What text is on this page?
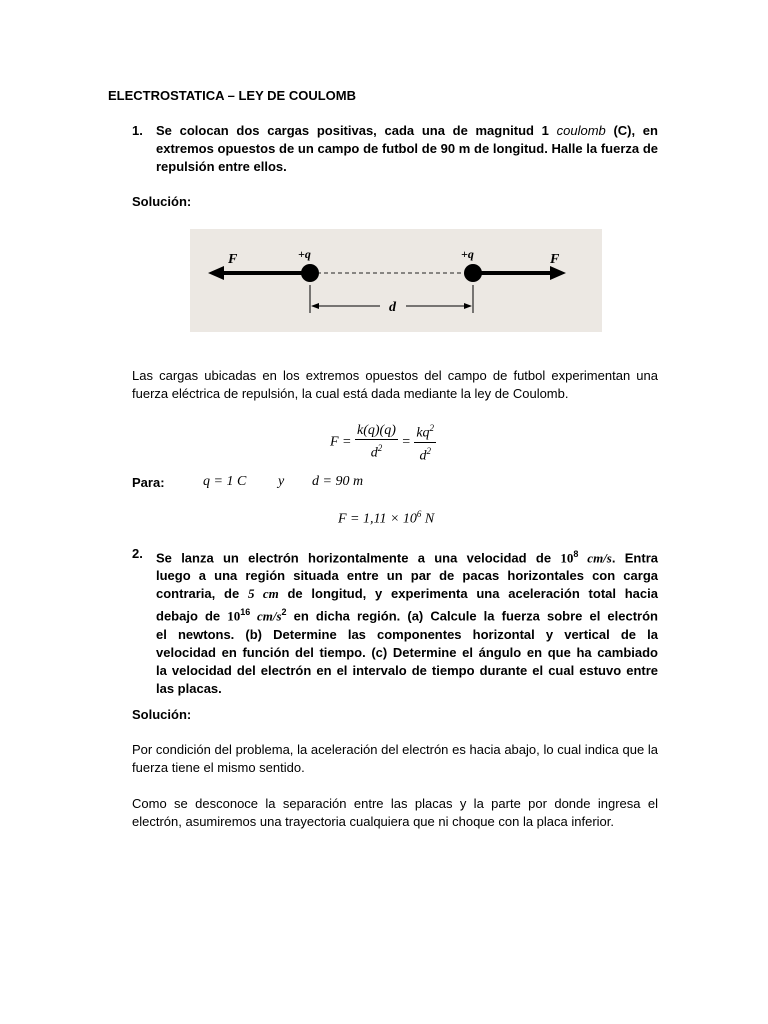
ELECTROSTATICA – LEY DE COULOMB
1. Se colocan dos cargas positivas, cada una de magnitud 1 coulomb (C), en extremos opuestos de un campo de futbol de 90 m de longitud. Halle la fuerza de repulsión entre ellos.
Solución:
F	F
+q	+q
d
Las cargas ubicadas en los extremos opuestos del campo de futbol experimentan una fuerza eléctrica de repulsión, la cual está dada mediante la ley de Coulomb.
$F = \frac{k(q)(q)}{d^2} = \frac{kq^2}{d^2}$
Para:	q = 1 C y d = 90 m
$F = 1,11 \times 10^6$ N
2. Se lanza un electrón horizontalmente a una velocidad de $10^8$ cm/s. Entra
luego a una región situada entre un par de pacas horizontales con carga
contraria, de 5 cm de longitud, y experimenta una aceleración total hacia
debajo de $10^{16}$ $cm/s^2$ en dicha región. (a) Calcule la fuerza sobre el electrón
el newtons. (b) Determine las componentes horizontal y vertical de la
velocidad en función del tiempo. (c) Determine el ángulo en que ha cambiado
la velocidad del electrón en el intervalo de tiempo durante el cual estuvo entre
las placas.
Solución:
Por condición del problema, la aceleración del electrón es hacia abajo, lo cual indica que la fuerza tiene el mismo sentido.
Como se desconoce la separación entre las placas y la parte por donde ingresa el electrón, asumiremos una trayectoria cualquiera que ni choque con la placa inferior.
